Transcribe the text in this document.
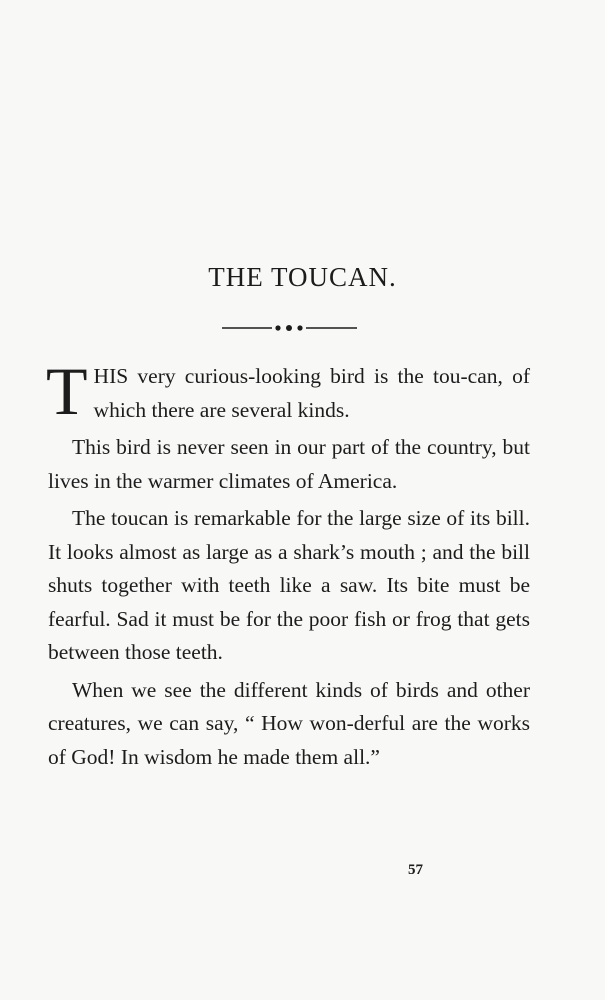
THE TOUCAN.

THIS very curious-looking bird is the tou-can, of which there are several kinds.

This bird is never seen in our part of the country, but lives in the warmer climates of America.

The toucan is remarkable for the large size of its bill. It looks almost as large as a shark’s mouth ; and the bill shuts together with teeth like a saw. Its bite must be fearful. Sad it must be for the poor fish or frog that gets between those teeth.

When we see the different kinds of birds and other creatures, we can say, “ How won-derful are the works of God! In wisdom he made them all.”

57
